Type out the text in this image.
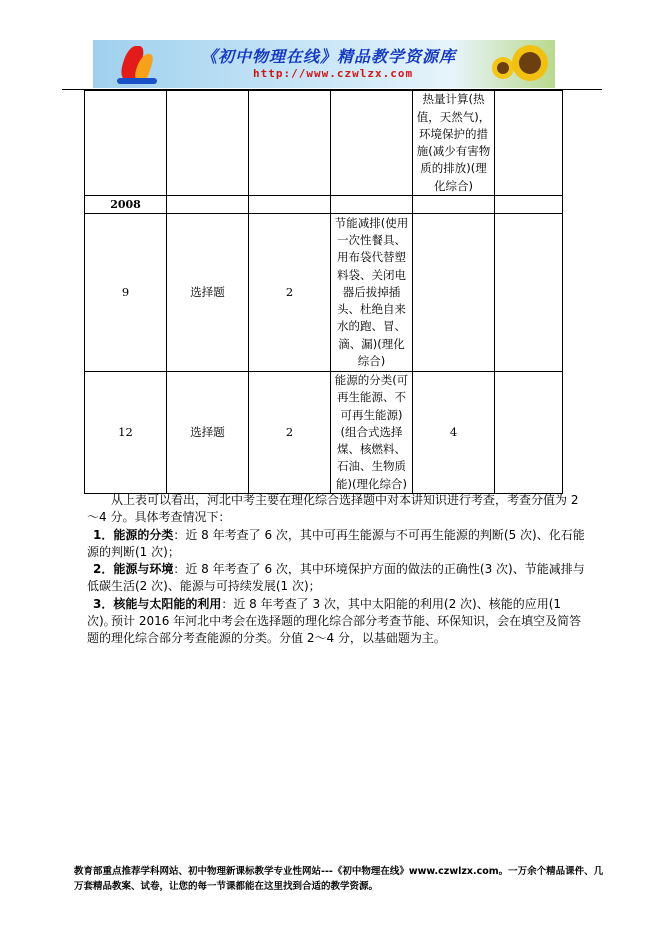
《初中物理在线》精品教学资源库
http://www.czwlzx.com
				热量计算(热值，天然气)，环境保护的措施(减少有害物质的排放)(理化综合)	
2008					
9	选择题	2	节能减排(使用一次性餐具、用布袋代替塑料袋、关闭电器后拔掉插头、杜绝自来水的跑、冒、滴、漏)(理化综合)		
12	选择题	2	能源的分类(可再生能源、不可再生能源)(组合式选择煤、核燃料、石油、生物质能)(理化综合)	4	
从上表可以看出，河北中考主要在理化综合选择题中对本讲知识进行考查，考查分值为 2～4 分。具体考查情况下：
1．能源的分类：近 8 年考查了 6 次，其中可再生能源与不可再生能源的判断(5 次)、化石能源的判断(1 次)；
2．能源与环境：近 8 年考查了 6 次，其中环境保护方面的做法的正确性(3 次)、节能减排与低碳生活(2 次)、能源与可持续发展(1 次)；
3．核能与太阳能的利用：近 8 年考查了 3 次，其中太阳能的利用(2 次)、核能的应用(1 次)。
预计 2016 年河北中考会在选择题的理化综合部分考查节能、环保知识，会在填空及简答题的理化综合部分考查能源的分类。分值 2～4 分，以基础题为主。
教育部重点推荐学科网站、初中物理新课标教学专业性网站---《初中物理在线》www.czwlzx.com。一万余个精品课件、几万套精品教案、试卷，让您的每一节课都能在这里找到合适的教学资源。
